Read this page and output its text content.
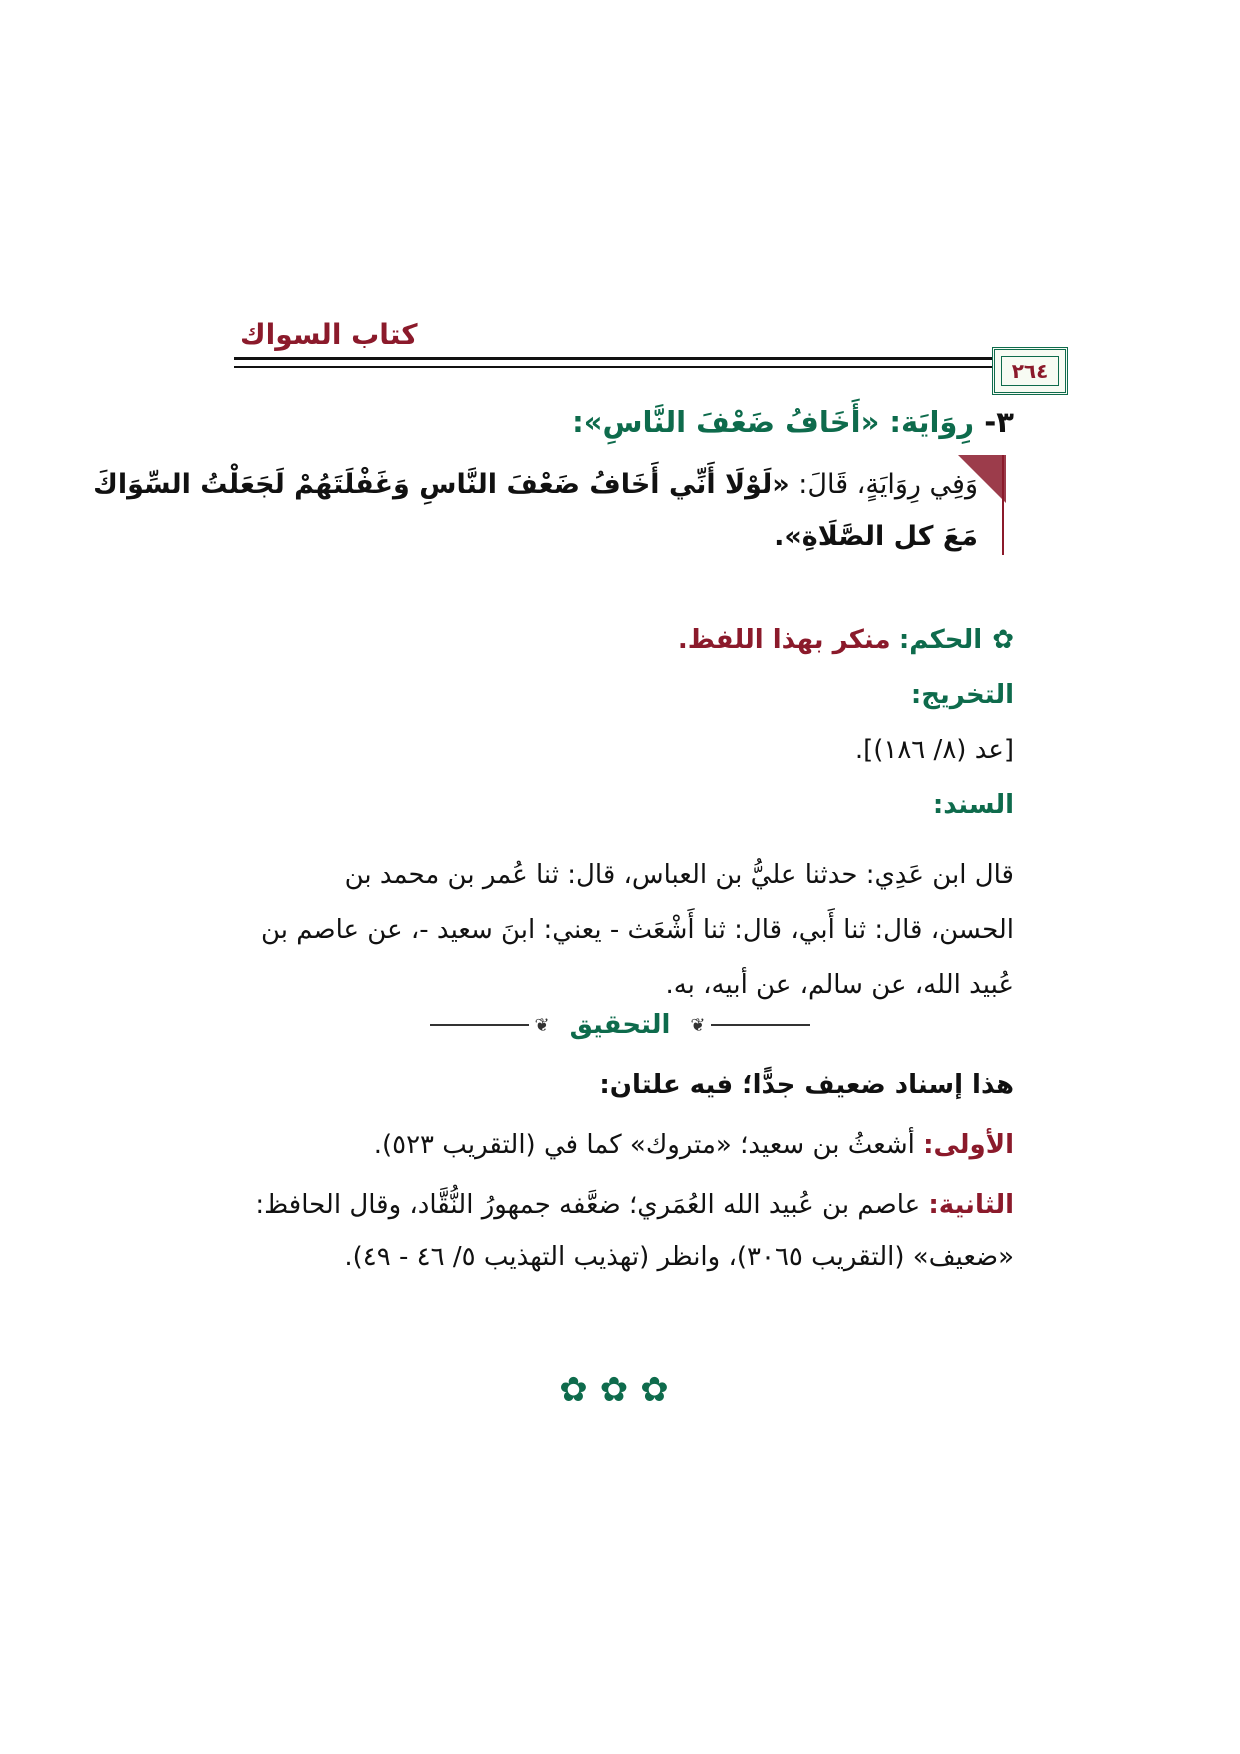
كتاب السواك
٢٦٤
٣- رِوَايَة: «أَخَافُ ضَعْفَ النَّاسِ»:
وَفِي رِوَايَةٍ، قَالَ: «لَوْلَا أَنِّي أَخَافُ ضَعْفَ النَّاسِ وَغَفْلَتَهُمْ لَجَعَلْتُ السِّوَاكَ
مَعَ كل الصَّلَاةِ».
✿الحكم: منكر بهذا اللفظ.
التخريج:
[عد (٨/ ١٨٦)].
السند:
قال ابن عَدِي: حدثنا عليُّ بن العباس، قال: ثنا عُمر بن محمد بن
الحسن، قال: ثنا أَبي، قال: ثنا أَشْعَث - يعني: ابنَ سعيد -، عن عاصم بن
عُبيد الله، عن سالم، عن أبيه، به.
❦
التحقيق
❦
هذا إسناد ضعيف جدًّا؛ فيه علتان:
الأولى: أشعثُ بن سعيد؛ «متروك» كما في (التقريب ٥٢٣).
الثانية: عاصم بن عُبيد الله العُمَري؛ ضعَّفه جمهورُ النُّقَّاد، وقال الحافظ:
«ضعيف» (التقريب ٣٠٦٥)، وانظر (تهذيب التهذيب ٥/ ٤٦ - ٤٩).
✿✿✿
